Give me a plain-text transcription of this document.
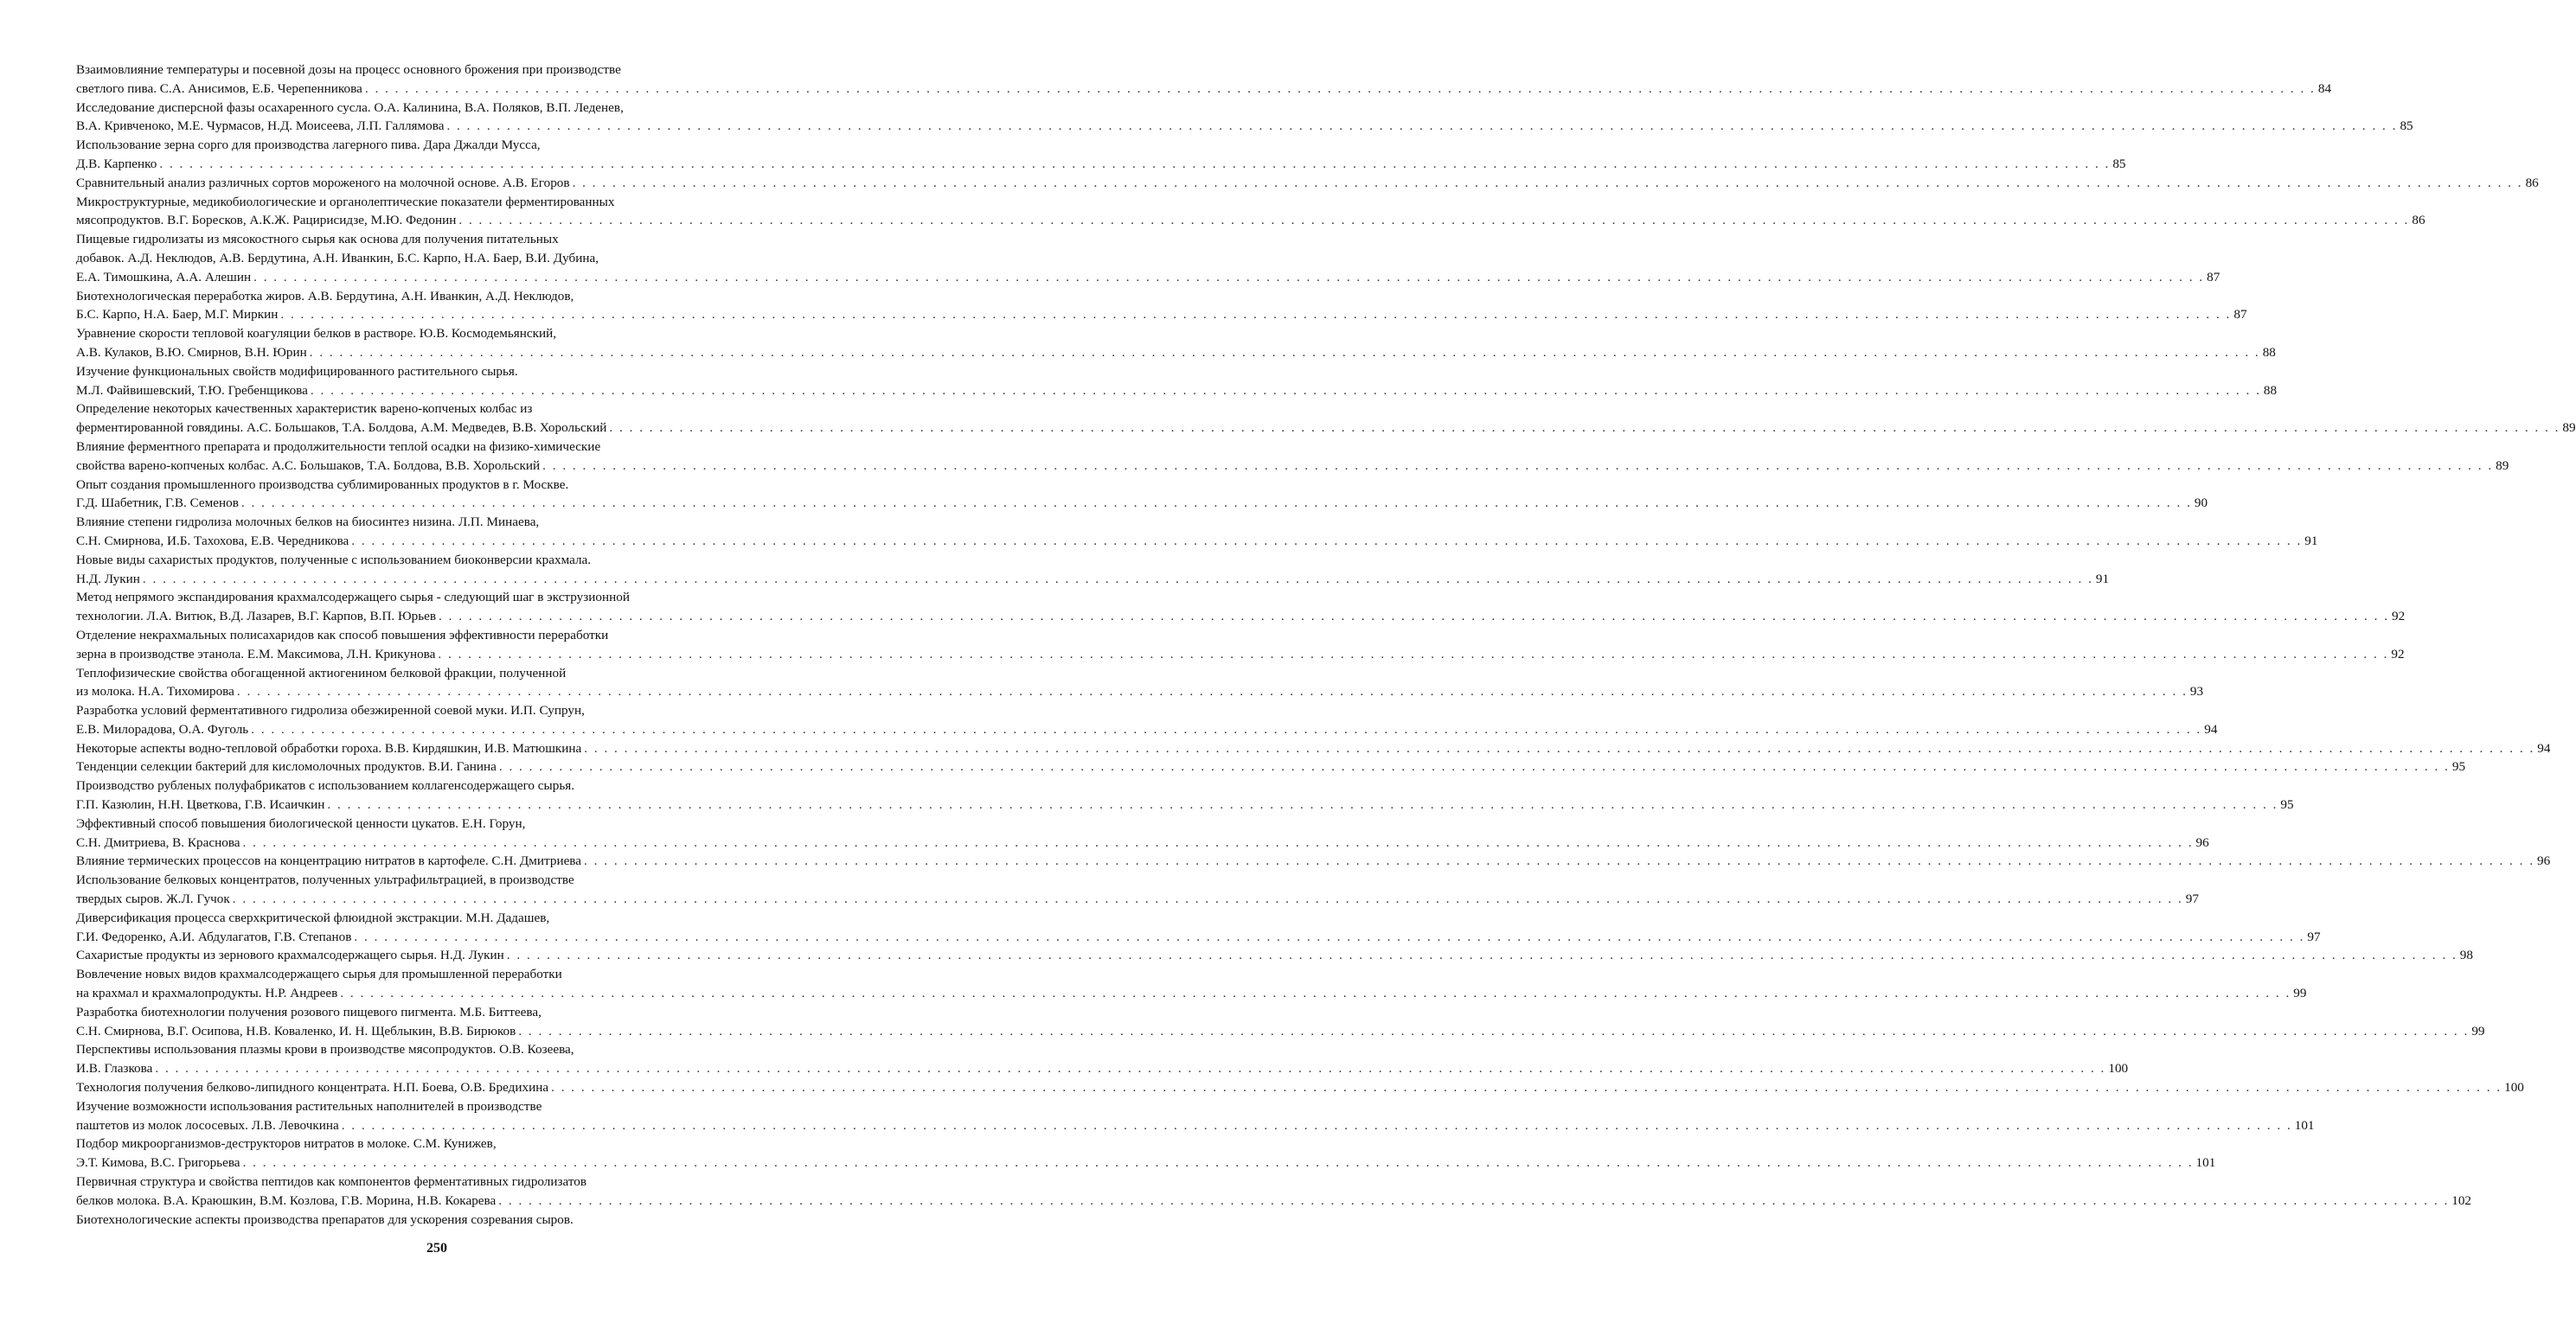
Взаимовлияние температуры и посевной дозы на процесс основного брожения при производстве
светлого пива. С.А. Анисимов, Е.Б. Черепенникова . . .	84
Исследование дисперсной фазы осахаренного сусла. О.А. Калинина, В.А. Поляков, В.П. Леденев,
В.А. Кривченоко, М.Е. Чурмасов, Н.Д. Моисеева, Л.П. Галлямова . . .	85
Использование зерна сорго для производства лагерного пива. Дара Джалди Мусса,
Д.В. Карпенко . . .	85
Сравнительный анализ различных сортов мороженого на молочной основе. А.В. Егоров . . .	86
Микроструктурные, медикобиологические и органолептические показатели ферментированных
мясопродуктов. В.Г. Боресков, А.К.Ж. Рацирисидзе, М.Ю. Федонин . . .	86
Пищевые гидролизаты из мясокостного сырья как основа для получения питательных
добавок. А.Д. Неклюдов, А.В. Бердутина, А.Н. Иванкин, Б.С. Карпо, Н.А. Баер, В.И. Дубина,
Е.А. Тимошкина, А.А. Алешин . . .	87
Биотехнологическая переработка жиров. А.В. Бердутина, А.Н. Иванкин, А.Д. Неклюдов,
Б.С. Карпо, Н.А. Баер, М.Г. Миркин . . .	87
Уравнение скорости тепловой коагуляции белков в растворе. Ю.В. Космодемьянский,
А.В. Кулаков, В.Ю. Смирнов, В.Н. Юрин . . .	88
Изучение функциональных свойств модифицированного растительного сырья.
М.Л. Файвишевский, Т.Ю. Гребенщикова . . .	88
Определение некоторых качественных характеристик варено-копченых колбас из
ферментированной говядины. А.С. Большаков, Т.А. Болдова, А.М. Медведев, В.В. Хорольский . . .	89
Влияние ферментного препарата и продолжительности теплой осадки на физико-химические
свойства варено-копченых колбас. А.С. Большаков, Т.А. Болдова, В.В. Хорольский . . .	89
Опыт создания промышленного производства сублимированных продуктов в г. Москве.
Г.Д. Шабетник, Г.В. Семенов . . .	90
Влияние степени гидролиза молочных белков на биосинтез низина. Л.П. Минаева,
С.Н. Смирнова, И.Б. Тахохова, Е.В. Чередникова . . .	91
Новые виды сахаристых продуктов, полученные с использованием биоконверсии крахмала.
Н.Д. Лукин . . .	91
Метод непрямого экспандирования крахмалсодержащего сырья - следующий шаг в экструзионной
технологии. Л.А. Витюк, В.Д. Лазарев, В.Г. Карпов, В.П. Юрьев . . .	92
Отделение некрахмальных полисахаридов как способ повышения эффективности переработки
зерна в производстве этанола. Е.М. Максимова, Л.Н. Крикунова . . .	92
Теплофизические свойства обогащенной актиогенином белковой фракции, полученной
из молока. Н.А. Тихомирова . . .	93
Разработка условий ферментативного гидролиза обезжиренной соевой муки. И.П. Супрун,
Е.В. Милорадова, О.А. Фуголь . . .	94
Некоторые аспекты водно-тепловой обработки гороха. В.В. Кирдяшкин, И.В. Матюшкина . . .	94
Тенденции селекции бактерий для кисломолочных продуктов. В.И. Ганина . . .	95
Производство рубленых полуфабрикатов с использованием коллагенсодержащего сырья.
Г.П. Казюлин, Н.Н. Цветкова, Г.В. Исаичкин . . .	95
Эффективный способ повышения биологической ценности цукатов. Е.Н. Горун,
С.Н. Дмитриева, В. Краснова . . .	96
Влияние термических процессов на концентрацию нитратов в картофеле. С.Н. Дмитриева . . .	96
Использование белковых концентратов, полученных ультрафильтрацией, в производстве
твердых сыров. Ж.Л. Гучок . . .	97
Диверсификация процесса сверхкритической флюидной экстракции. М.Н. Дадашев,
Г.И. Федоренко, А.И. Абдулагатов, Г.В. Степанов . . .	97
Сахаристые продукты из зернового крахмалсодержащего сырья. Н.Д. Лукин . . .	98
Вовлечение новых видов крахмалсодержащего сырья для промышленной переработки
на крахмал и крахмалопродукты. Н.Р. Андреев . . .	99
Разработка биотехнологии получения розового пищевого пигмента. М.Б. Биттеева,
С.Н. Смирнова, В.Г. Осипова, Н.В. Коваленко, И. Н. Щеблыкин, В.В. Бирюков . . .	99
Перспективы использования плазмы крови в производстве мясопродуктов. О.В. Козеева,
И.В. Глазкова . . .	100
Технология получения белково-липидного концентрата. Н.П. Боева, О.В. Бредихина . . .	100
Изучение возможности использования растительных наполнителей в производстве
паштетов из молок лососевых. Л.В. Левочкина . . .	101
Подбор микроорганизмов-деструкторов нитратов в молоке. С.М. Кунижев,
Э.Т. Кимова, В.С. Григорьева . . .	101
Первичная структура и свойства пептидов как компонентов ферментативных гидролизатов
белков молока. В.А. Краюшкин, В.М. Козлова, Г.В. Морина, Н.В. Кокарева . . .	102
Биотехнологические аспекты производства препаратов для ускорения созревания сыров.
250
